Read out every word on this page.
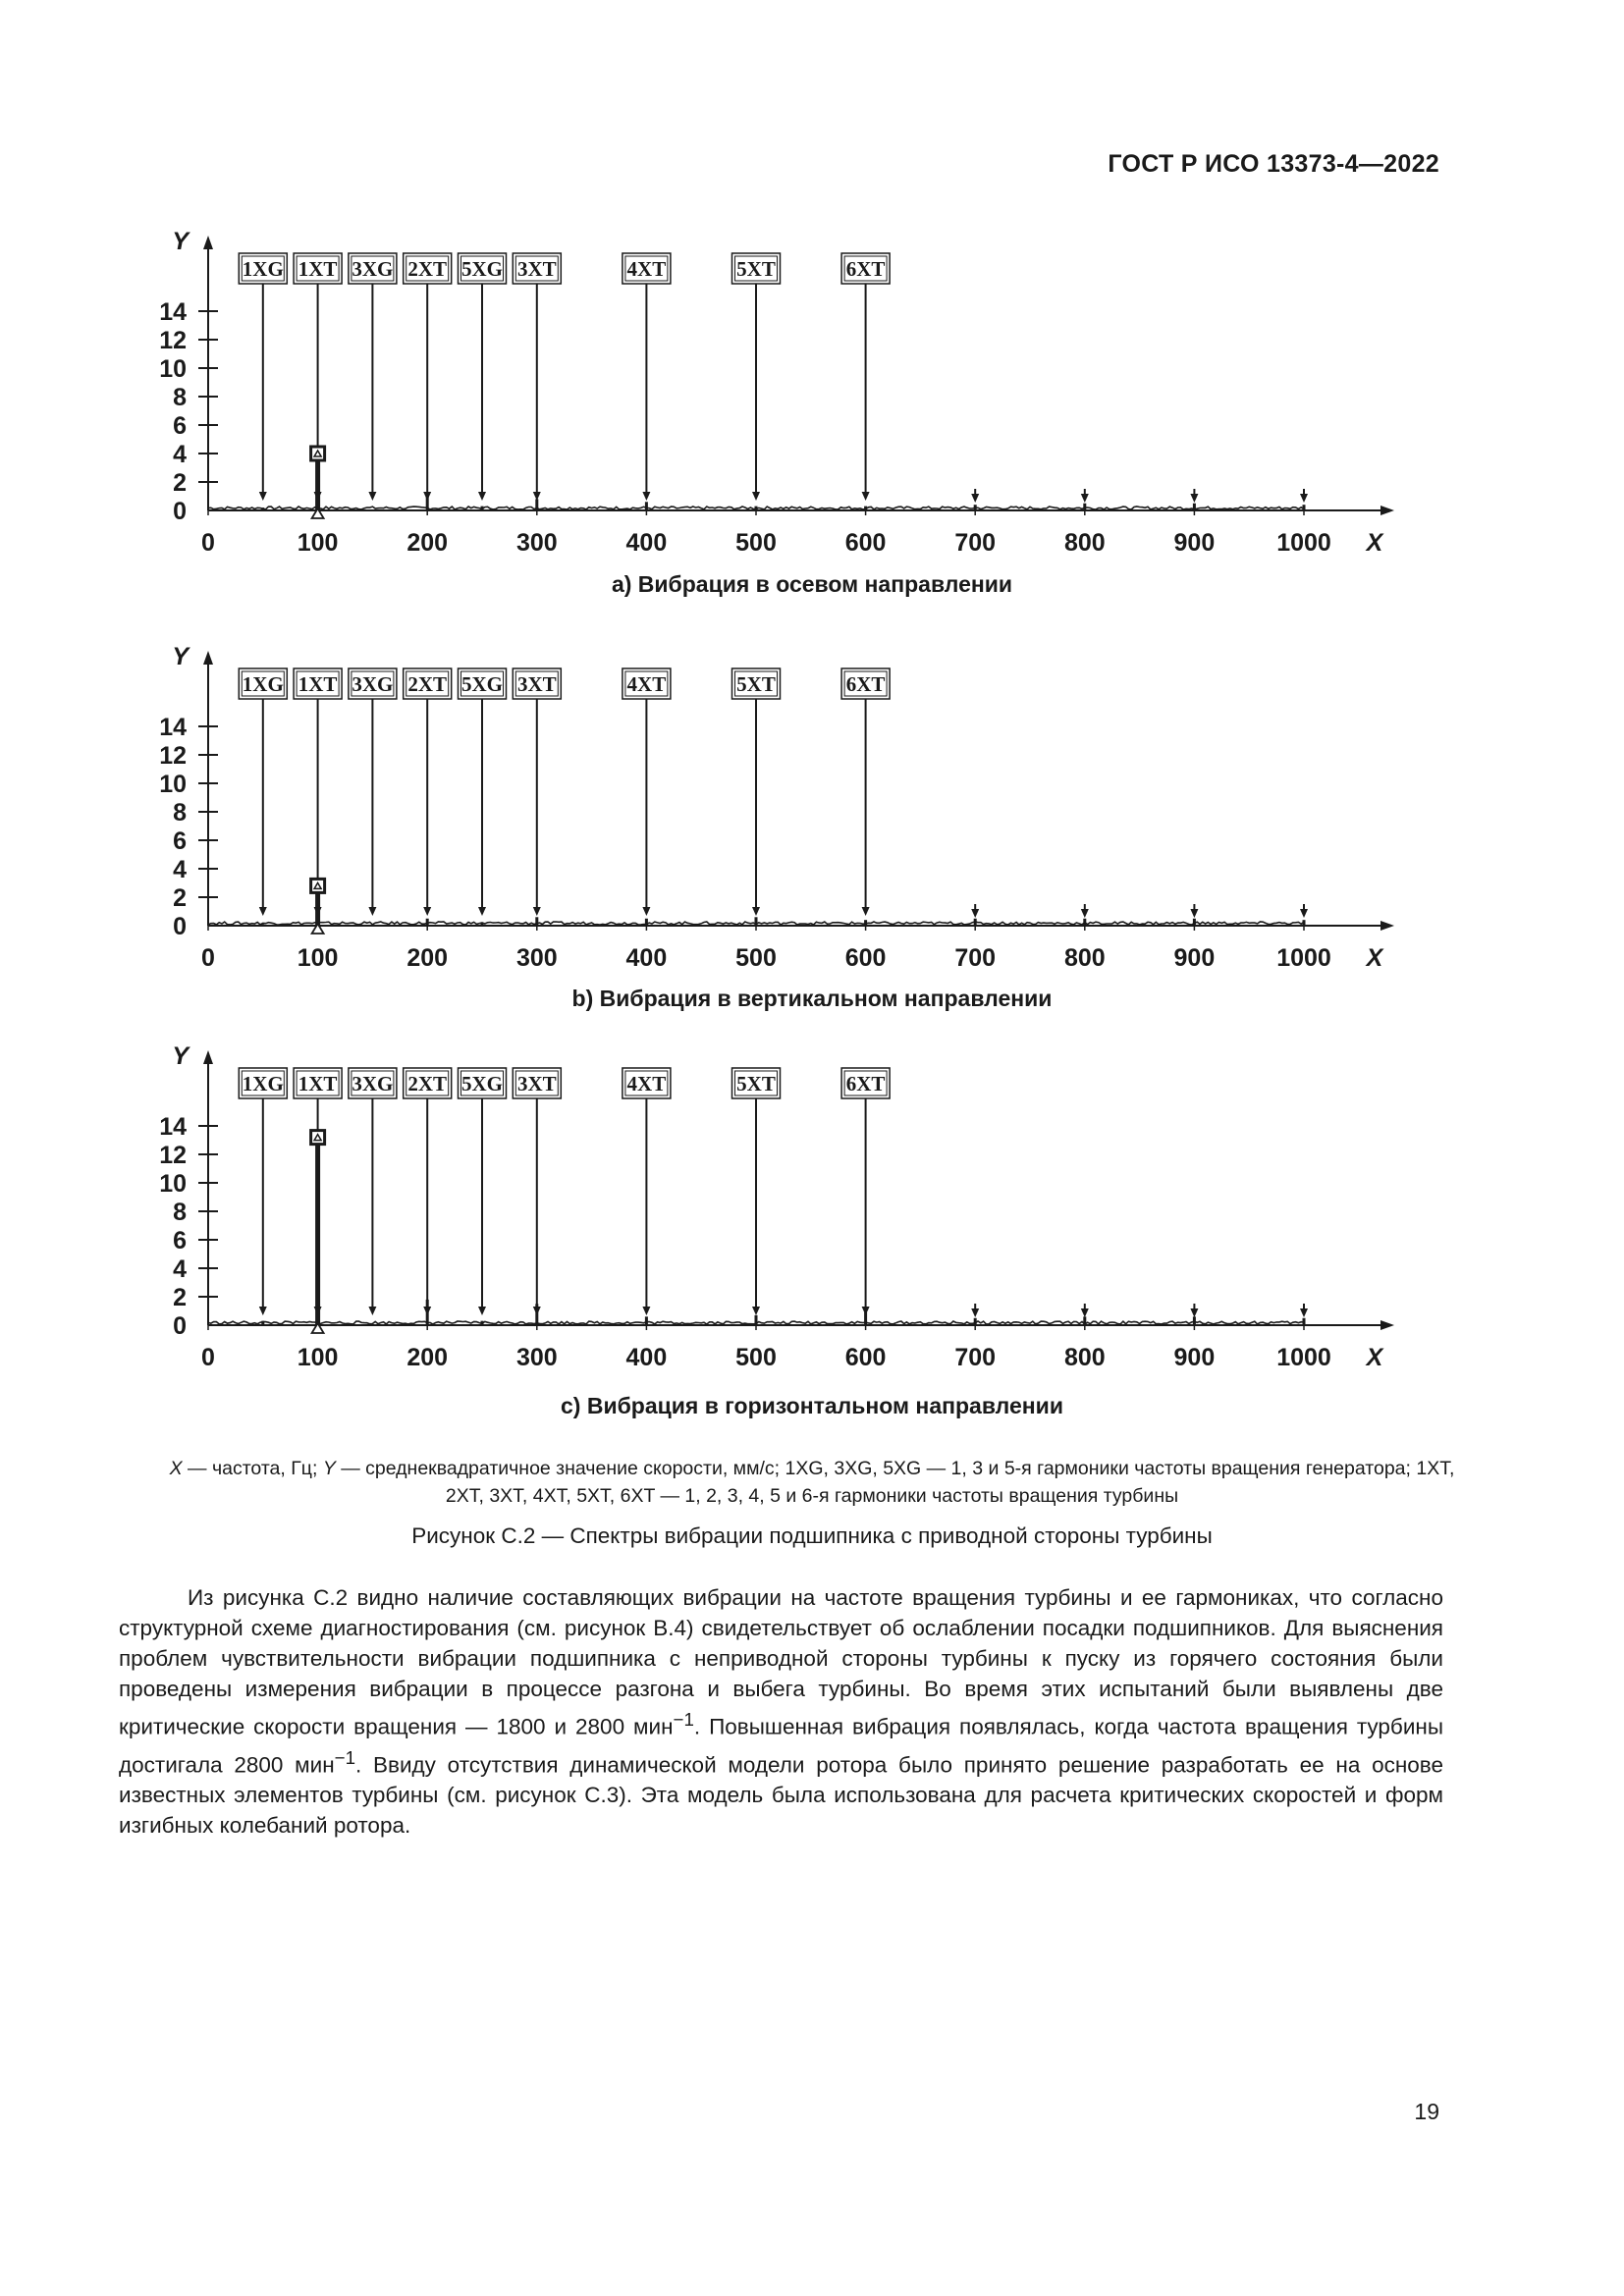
ГОСТ Р ИСО 13373-4—2022
Y
X
0
2
4
6
8
10
12
14
0	100	200	300	400	500	600	700	800	900	1000
1XG 1XT 3XG 2XT 5XG 3XT	4XT	5XT	6XT
a) Вибрация в осевом направлении
Y
X
0
2
4
6
8
10
12
14
0	100	200	300	400	500	600	700	800	900	1000
1XG 1XT 3XG 2XT 5XG 3XT	4XT	5XT	6XT
b) Вибрация в вертикальном направлении
Y
X
0
2
4
6
8
10
12
14
0	100	200	300	400	500	600	700	800	900	1000
1XG 1XT 3XG 2XT 5XG 3XT	4XT	5XT	6XT
c) Вибрация в горизонтальном направлении
X — частота, Гц; Y — среднеквадратичное значение скорости, мм/с; 1XG, 3XG, 5XG — 1, 3 и 5-я гармоники частоты вращения генератора; 1XT, 2XT, 3XT, 4XT, 5XT, 6XT — 1, 2, 3, 4, 5 и 6-я гармоники частоты вращения турбины
Рисунок С.2 — Спектры вибрации подшипника с приводной стороны турбины

Из рисунка С.2 видно наличие составляющих вибрации на частоте вращения турбины и ее гармониках, что согласно структурной схеме диагностирования (см. рисунок В.4) свидетельствует об ослаблении посадки подшипников. Для выяснения проблем чувствительности вибрации подшипника с неприводной стороны турбины к пуску из горячего состояния были проведены измерения вибрации в процессе разгона и выбега турбины. Во время этих испытаний были выявлены две критические скорости вращения — 1800 и 2800 мин$^{-1}$. Повышенная вибрация появлялась, когда частота вращения турбины достигала 2800 мин$^{-1}$. Ввиду отсутствия динамической модели ротора было принято решение разработать ее на основе известных элементов турбины (см. рисунок С.3). Эта модель была использована для расчета критических скоростей и форм изгибных колебаний ротора.

19
